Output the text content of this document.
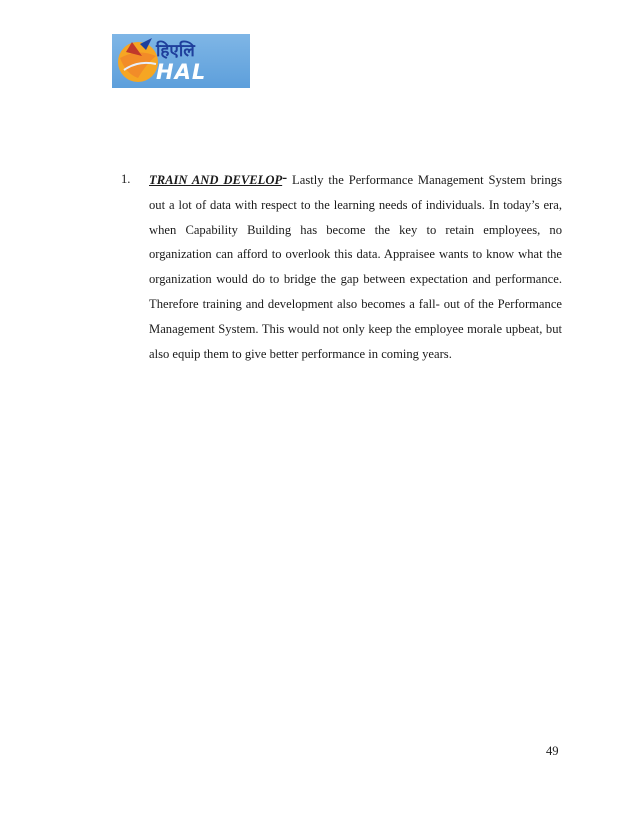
हिएलि
HAL
1. TRAIN AND DEVELOP- Lastly the Performance Management System brings out a lot of data with respect to the learning needs of individuals. In today’s era, when Capability Building has become the key to retain employees, no organization can afford to overlook this data. Appraisee wants to know what the organization would do to bridge the gap between expectation and performance. Therefore training and development also becomes a fall- out of the Performance Management System. This would not only keep the employee morale upbeat, but also equip them to give better performance in coming years.
49
